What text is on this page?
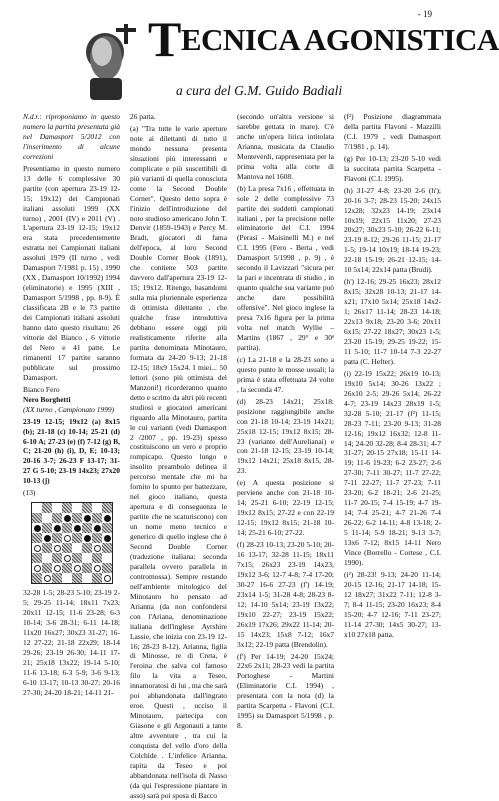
- 19
TECNICA AGONISTICA
a cura del G.M. Guido Badiali

N.d.r.: riproponiamo in questo numero la partita presentata già nel Damasport 5/2012 con l'inserimento di alcune correzioni

Presentiamo in questo numero 13 delle 6 complessive 30 partite (con apertura 23-19 12-15; 19x12) dei Campionati italiani assoluti 1999 (XX turno) , 2001 (IV) e 2011 (V) . L'apertura 23-19 12-15; 19x12 era stata precedentemente estratta nei Campionati italiani assoluti 1979 (II turno , vedi Damasport 7/1981 p. 15) , 1990 (XX , Damasport 10/1992) 1994 (eliminatorie) e 1995 (XIII , Damasport 5/1998 , pp. 8-9). È classificata 2B e le 73 partite dei Campionati italiani assoluti hanno dato questo risultato: 26 vittorie del Bianco , 6 vittorie del Nero e 41 patte. Le rimanenti 17 partite saranno pubblicate sul prossimo Damasport.

Bianco Fero

Nero Borghetti

(XX turno , Campionato 1999)

23-19 12-15; 19x12 (a) 8x15 (b); 21-18 (c) 10-14; 25-21 (d) 6-10 A; 27-23 (e) (f) 7-12 (g) B, C; 21-20 (h) (i), D, E; 10-13; 20-16 3-7; 26-23 F 13-17; 31-27 G 5-10; 23-19 14x23; 27x20 10-13 (j)

(13)

32-28 1-5; 28-23 5-10; 23-19 2-5; 29-25 11-14; 18x11 7x23; 20x11 12-15; 11-6 23-28; 6-3 10-14; 3-6 28-31; 6-11 14-18; 11x20 16x27; 30x23 31-27; 16-12 27-22; 21-18 22x29; 18-14 29-26; 23-19 26-30; 14-11 17-21; 25x18 13x22; 19-14 5-10; 11-6 13-18; 6-3 5-9; 3-6 9-13; 6-10 13-17; 10-13 30-27; 20-16 27-30; 24-20 18-21; 14-11 21-

26 patta.

(a) "Tra tutte le varie aperture note ai dilettanti di tutto il mondo nessuna presenta situazioni più interessanti e complicate e più suscettibili di più varianti di quella conosciuta come la Second Double Corner". Questo detto sopra è l'inizio dell'introduzione del noto studioso americano John T. Denvir (1859-1943) e Percy M. Bradt, giocatori di fama dell'epoca, al loro Second Double Corner Book (1891), che contiene 503 partite davvero dall'apertura 23-19 12-15; 19x12. Ritengo, basandomi sulla mia pluriennale esperienza di ottimista dilettante , che qualche frase introduttiva debbano essere oggi più realisticamente riferite alla partita denominata Minotauro, formata da 24-20 9-13; 21-18 12-15; 18x9 15x24. I miei... 50 lettori (sono più ottimista del Manzoni!) ricorderanno quanto detto e scritto da altri più recenti studiosi e giocatori americani riguardo alla Minotauro, partita le cui varianti (vedi Damasport 2 /2007 , pp. 19-23) spesso costituiscono un vero e proprio rompicapo. Questo lungo e insolito preambolo delinea il percorso mentale che mi ha fornito lo spunto per battezzare, nel gioco italiano, questa apertura e di conseguenza le partite che ne scaturiscono) con un nome meno tecnico e generico di quello inglese che è Second Double Corner (traduzione italiana: seconda parallela ovvero parallela in contromossa). Sempre restando nell'ambiente mitologico del Minotauro ho pensato ad Arianna (da non confondersi con l'Ariana, denominazione italiana dell'inglese Ayrshire Lassie, che inizia con 23-19 12-16; 28-23 8-12). Arianna, figlia di Minosse, re di Creta, è l'eroina che salva col famoso filo la vita a Teseo, innamoratosi di lui , ma che sarà poi abbandonata dall'ingrato eroe. Questi , ucciso il Minotauro, partecipa con Giasone e gli Argonauti a tante altre avventure , tra cui la conquista del vello d'oro della Colchide . L'infelice Arianna, rapita da Teseo e poi abbandonata nell'isola di Nasso (da qui l'espressione piantare in asso) sarà poi sposa di Bacco

(secondo un'altra versione si sarebbe gettata in mare). C'è anche un'opera lirica intitolata Arianna, musicata da Claudio Monteverdi, rappresentata per la prima volta alla corte di Mantova nel 1608.

(b) La presa 7x16 , effettuata in sole 2 delle complessive 73 partite dei suddetti campionati italiani , per la precisione nelle eliminatorie del C.I. 1994 (Perasi - Maisinelli M.) e nel C.I. 1995 (Fero - Berta , vedi Damasport 5/1998 , p. 9) , è secondo il Lavizzari "sicura per la pari e incentrata di studio , in quanto qualche sua variante può anche dare possibilità offensive". Nel gioco inglese la presa 7x16 figura per la prima volta nel match Wyllie – Martins (1867 , 29° e 30ª partita).

(c) La 21-18 e la 28-23 sono a questo punto le mosse usuali; la prima è stata effettuata 24 volte , la seconda 47.

(d) 28-23 14x21; 25x18: posizione raggiungibile anche con 21-18 10-14; 23-19 14x21; 25x18 12-15; 19x12 8x15; 28-23 (variante dell'Aurelianai) e con 21-18 12-15; 23-19 10-14; 19x12 14x21; 25x18 8x15, 28-23.

(e) A questa posizione si perviene anche con 21-18 10-14; 25-21 6-10; 22-19 12-15; 19x12 8x15; 27-22 e con 22-19 12-15; 19x12 8x15; 21-18 10-14; 25-21 6-10; 27-22.

(f) 28-23 10-13; 23-20 5-10; 20-16 13-17; 32-28 11-15; 18x11 7x15; 26x23 23-19 14x23; 19x12 3-6; 12-7 4-8; 7-4 17-20; 30-27 16-6 27-23 (f') 14-19; 23x14 1-5; 31-28 4-8; 28-23 8-12; 14-10 5x14; 23-19 13x22; 19x10 22-27; 23-19 15x22; 26x19 17x26; 29x22 11-14; 20-15 14x23; 15x8 7-12; 16x7 3x12; 22-19 patta (Brendolin).

(f') Per 14-19; 24-20 15x24; 22x6 2x11; 28-23 vedi la partita Portoghese - Martini (Eliminatorie C.I. 1994) , presentata con la nota (d) la partita Scarpetta - Flavoni (C.I. 1995) su Damasport 5/1998 , p. 8.

(f²) Posizione diagrammata della partita Flavoni - Mazzilli (C.I. 1979 , vedi Damasport 7/1981 , p. 14).

(g) Per 10-13; 23-20 5-10 vedi la succitata partita Scarpetta - Flavoni (C.I. 1995).

(h) 31-27 4-8; 23-20 2-6 (h'); 20-16 3-7; 28-23 15-20; 24x15 12x28; 32x23 14-19; 23x14 10x19; 22x15 11x20; 27-23 20x27; 30x23 5-10; 26-22 6-11; 23-19 8-12; 29-26 11-15; 21-17 1-5; 19-14 10x19; 18-14 19-23; 22-18 15-19; 26-21 12-15; 14-10 5x14; 22x14 patta (Brudi).

(h') 12-16; 29-25 16x23; 28x12 8x15; 32x28 10-13; 21-17 14-x21; 17x10 5x14; 25x18 14x2-1; 26x17 11-14; 28-23 14-18; 22x13 9x18; 23-20 3-6; 20x11 6x15; 27-22 18x27; 30x23 1-5; 23-20 15-19; 29-25 19-22; 15-11 5-10; 11-7 10-14 7-3 22-27 patta (C. Hefter).

(i) 22-19 15x22; 26x19 10-13; 19x10 5x14; 30-26 13x22 ; 26x10 2-5; 29-26 5x14; 26-22 4-7; 23-19 14x23 28x19 1-5; 32-28 5-10; 21-17 (f²) 11-15; 28-23 7-11; 23-20 9-13; 31-28 12-16; 19x12 16x32; 12-8 11-14; 24-20 32-28; 8-4 28-31; 4-7 31-27; 20-15 27x18; 15-11 14-19; 11-6 19-23; 6-2 23-27; 2-6 27-30; 7-11 30-27; 11-7 27-22; 7-11 22-27; 11-7 27-23; 7-11 23-20; 6-2 18-21; 2-6 21-25; 11-7 20-15; 7-4 15-19; 4-7 19-14; 7-4 25-21; 4-7 21-26 7-4 26-22; 6-2 14-11; 4-8 13-18; 2-5 11-14; 5-9 18-21; 9-13 3-7; 13x6 7-12; 8x15 14-11 Nero Vince (Borrello - Cortese , C.I. 1990).

(i²) 28-23! 9-13; 24-20 11-14; 20-15 12-16; 21-17 14-18; 15-12 18x27; 31x22 7-11; 12-8 3-7; 8-4 11-15; 23-20 16x23; 8-4 15-20; 4-7 12-16; 7-11 23-27; 11-14 27-30; 14x5 30-27; 13-x10 27x18 patta.
